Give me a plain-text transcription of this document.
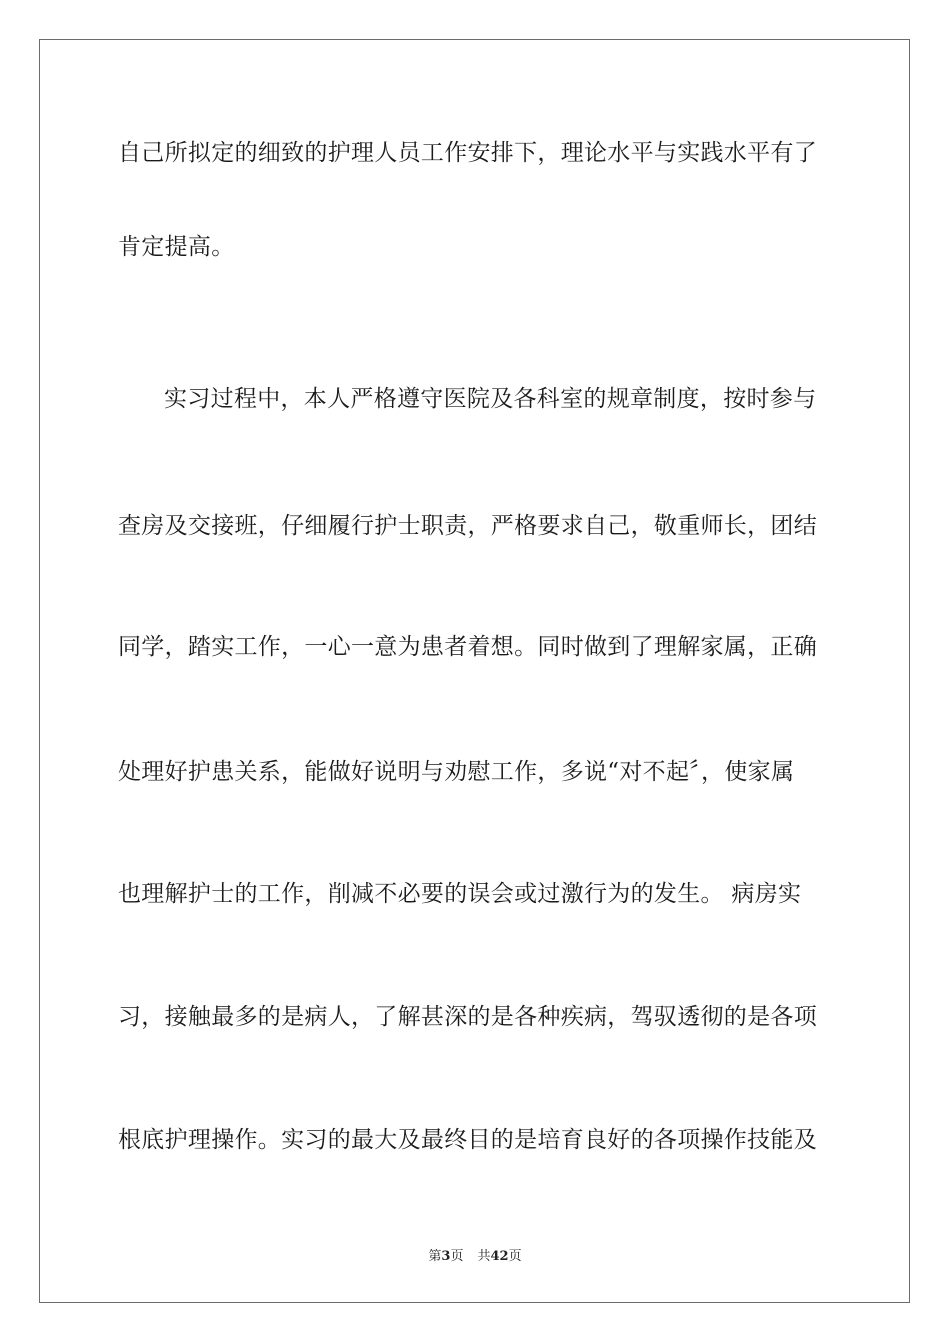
自己所拟定的细致的护理人员工作安排下，理论水平与实践水平有了
肯定提高。
实习过程中，本人严格遵守医院及各科室的规章制度，按时参与
查房及交接班，仔细履行护士职责，严格要求自己，敬重师长，团结
同学，踏实工作，一心一意为患者着想。同时做到了理解家属，正确
处理好护患关系，能做好说明与劝慰工作，多说“对不起〞，使家属
也理解护士的工作，削减不必要的误会或过激行为的发生。 病房实
习，接触最多的是病人，了解甚深的是各种疾病，驾驭透彻的是各项
根底护理操作。实习的最大及最终目的是培育良好的各项操作技能及
第3页 共42页
